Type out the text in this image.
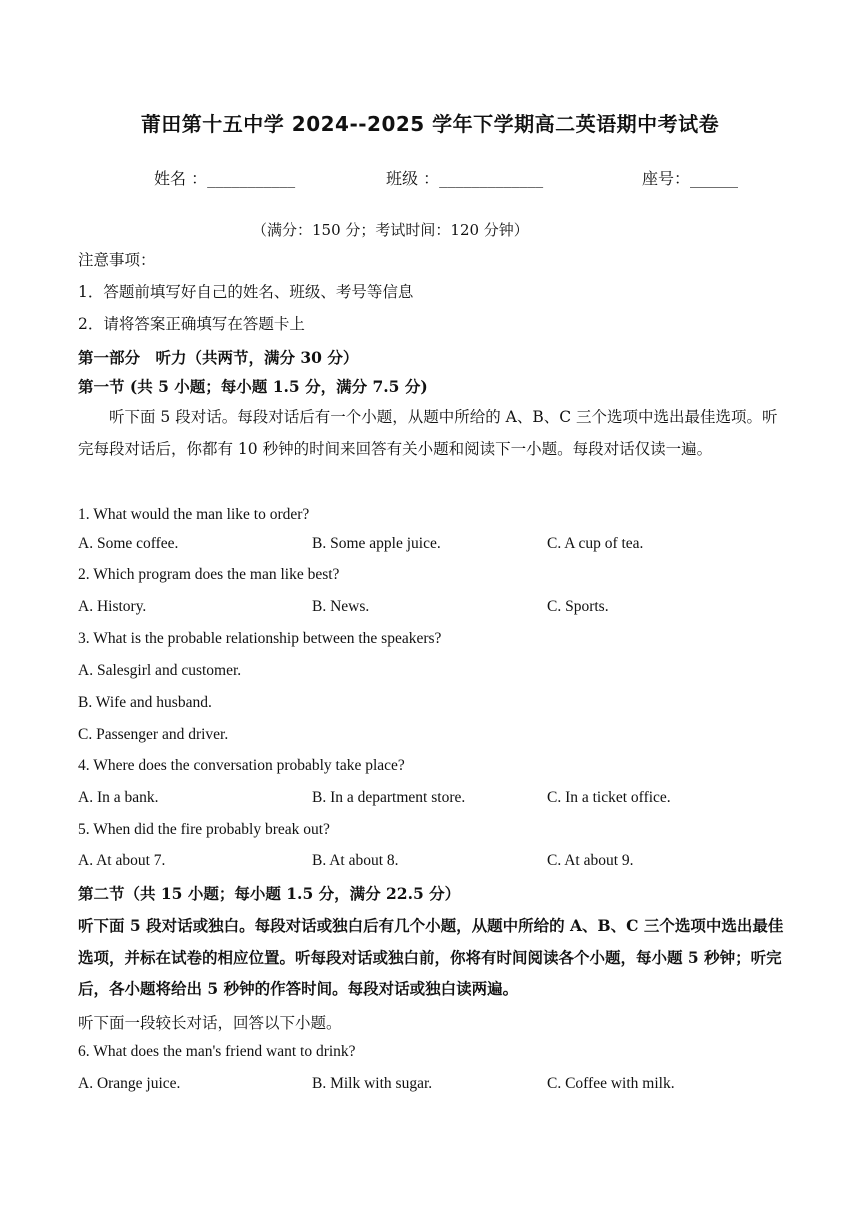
莆田第十五中学 2024--2025 学年下学期高二英语期中考试卷
姓名 ：___________	班级 ：_____________	座号：______
（满分：150 分；考试时间：120 分钟）
注意事项：
1．答题前填写好自己的姓名、班级、考号等信息
2．请将答案正确填写在答题卡上
第一部分　听力（共两节，满分 30 分）
第一节 (共 5 小题；每小题 1.5 分，满分 7.5 分)
听下面 5 段对话。每段对话后有一个小题，从题中所给的 A、B、C 三个选项中选出最佳选项。听完每段对话后，你都有 10 秒钟的时间来回答有关小题和阅读下一小题。每段对话仅读一遍。
1. What would the man like to order?
A. Some coffee.	B. Some apple juice.	C. A cup of tea.
2. Which program does the man like best?
A. History.	B. News.	C. Sports.
3. What is the probable relationship between the speakers?
A. Salesgirl and customer.
B. Wife and husband.
C. Passenger and driver.
4. Where does the conversation probably take place?
A. In a bank.	B. In a department store.	C. In a ticket office.
5. When did the fire probably break out?
A. At about 7.	B. At about 8.	C. At about 9.
第二节（共 15 小题；每小题 1.5 分，满分 22.5 分）
听下面 5 段对话或独白。每段对话或独白后有几个小题，从题中所给的 A、B、C 三个选项中选出最佳选项，并标在试卷的相应位置。听每段对话或独白前，你将有时间阅读各个小题，每小题 5 秒钟；听完后，各小题将给出 5 秒钟的作答时间。每段对话或独白读两遍。
听下面一段较长对话，回答以下小题。
6. What does the man's friend want to drink?
A. Orange juice.	B. Milk with sugar.	C. Coffee with milk.
